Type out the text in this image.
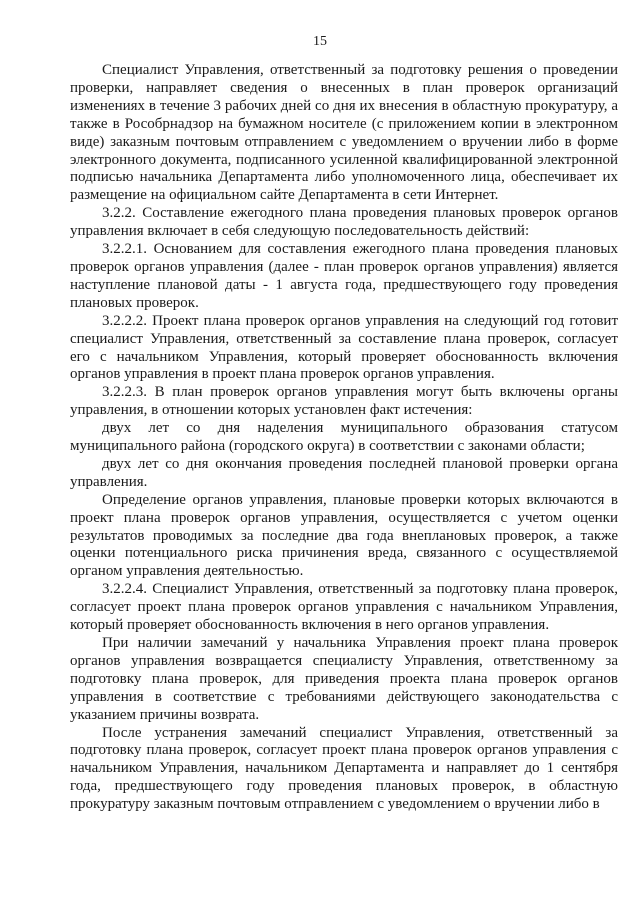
15

Специалист Управления, ответственный за подготовку решения о проведении проверки, направляет сведения о внесенных в план проверок организаций изменениях в течение 3 рабочих дней со дня их внесения в областную прокуратуру, а также в Рособрнадзор на бумажном носителе (с приложением копии в электронном виде) заказным почтовым отправлением с уведомлением о вручении либо в форме электронного документа, подписанного усиленной квалифицированной электронной подписью начальника Департамента либо уполномоченного лица, обеспечивает их размещение на официальном сайте Департамента в сети Интернет.

3.2.2. Составление ежегодного плана проведения плановых проверок органов управления включает в себя следующую последовательность действий:

3.2.2.1. Основанием для составления ежегодного плана проведения плановых проверок органов управления (далее - план проверок органов управления) является наступление плановой даты - 1 августа года, предшествующего году проведения плановых проверок.

3.2.2.2. Проект плана проверок органов управления на следующий год готовит специалист Управления, ответственный за составление плана проверок, согласует его с начальником Управления, который проверяет обоснованность включения органов управления в проект плана проверок органов управления.

3.2.2.3. В план проверок органов управления могут быть включены органы управления, в отношении которых установлен факт истечения:

двух лет со дня наделения муниципального образования статусом муниципального района (городского округа) в соответствии с законами области;

двух лет со дня окончания проведения последней плановой проверки органа управления.

Определение органов управления, плановые проверки которых включаются в проект плана проверок органов управления, осуществляется с учетом оценки результатов проводимых за последние два года внеплановых проверок, а также оценки потенциального риска причинения вреда, связанного с осуществляемой органом управления деятельностью.

3.2.2.4. Специалист Управления, ответственный за подготовку плана проверок, согласует проект плана проверок органов управления с начальником Управления, который проверяет обоснованность включения в него органов управления.

При наличии замечаний у начальника Управления проект плана проверок органов управления возвращается специалисту Управления, ответственному за подготовку плана проверок, для приведения проекта плана проверок органов управления в соответствие с требованиями действующего законодательства с указанием причины возврата.

После устранения замечаний специалист Управления, ответственный за подготовку плана проверок, согласует проект плана проверок органов управления с начальником Управления, начальником Департамента и направляет до 1 сентября года, предшествующего году проведения плановых проверок, в областную прокуратуру заказным почтовым отправлением с уведомлением о вручении либо в
